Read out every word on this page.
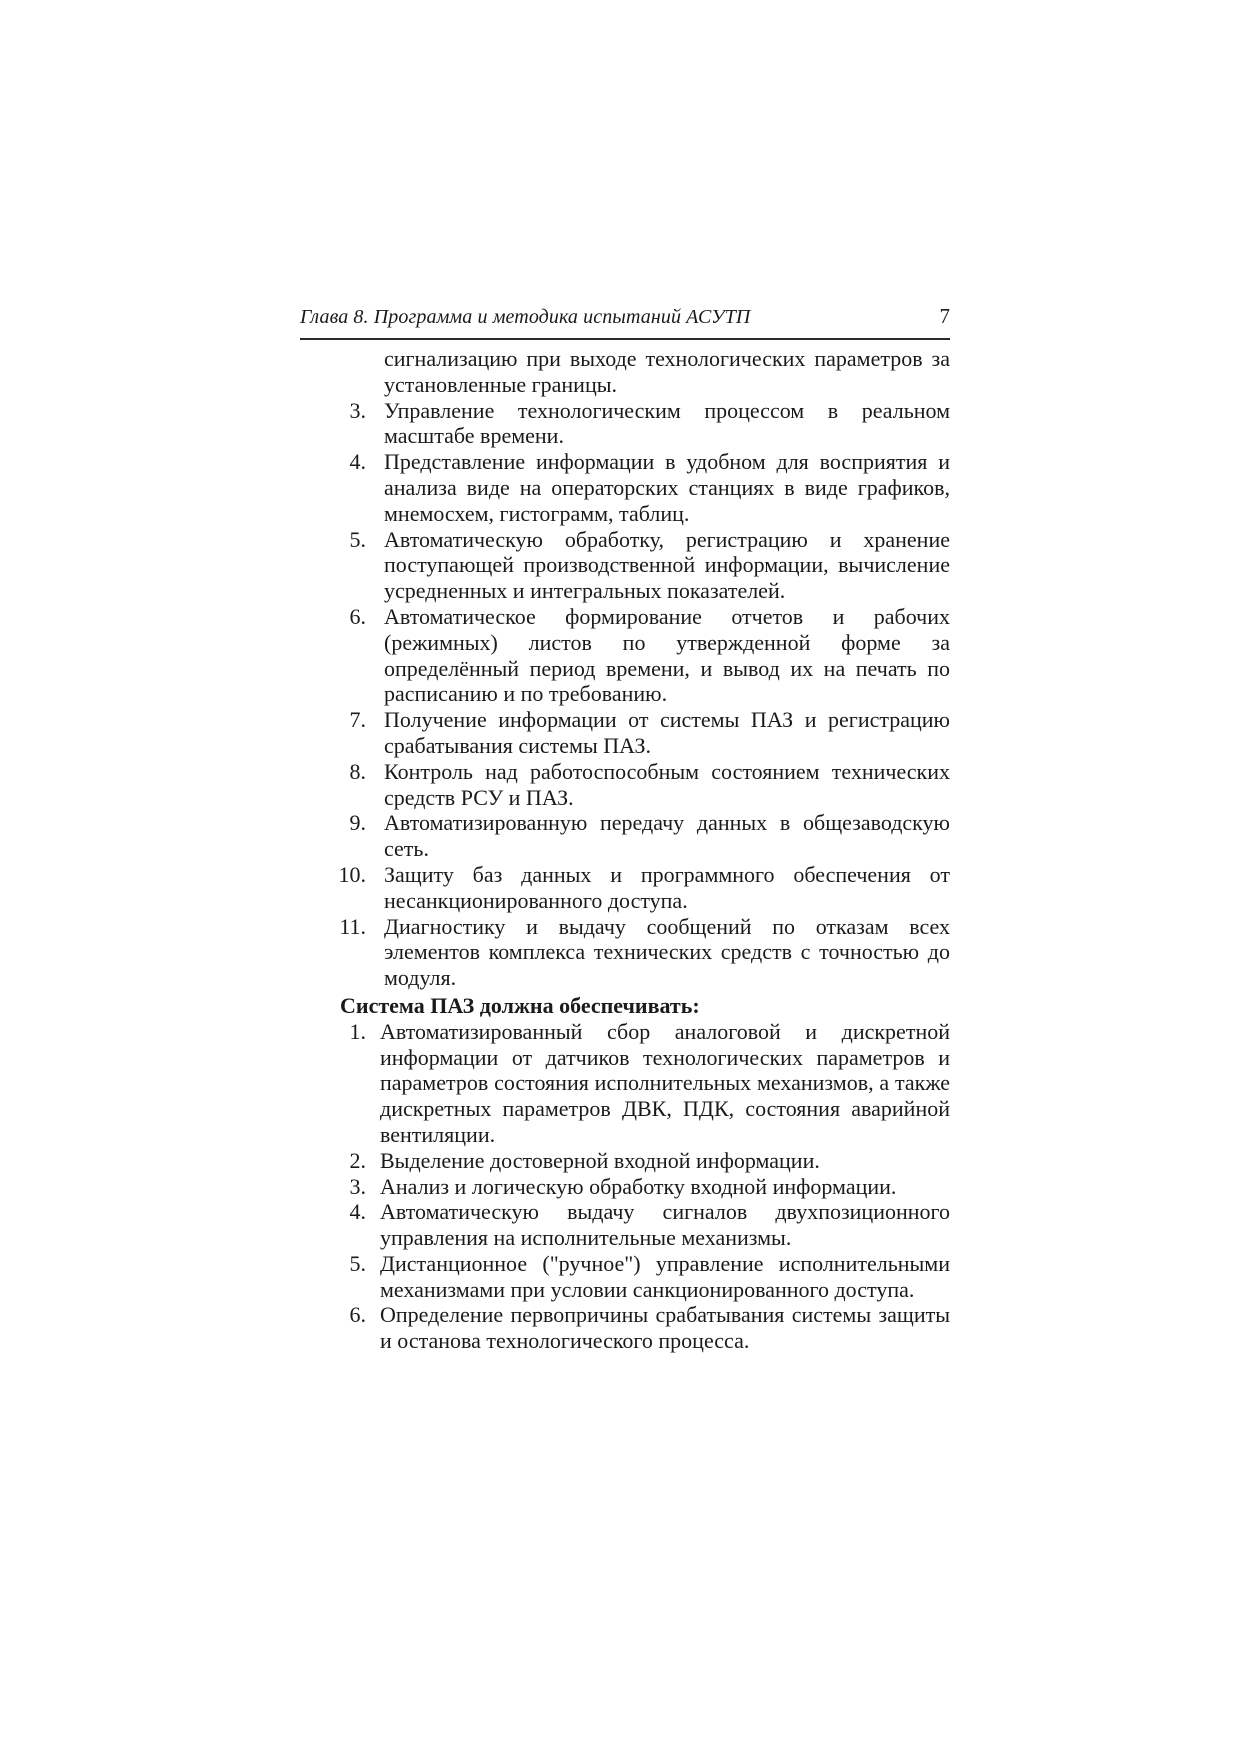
Глава 8. Программа и методика испытаний АСУТП	7
сигнализацию при выходе технологических параметров за установленные границы.
3. Управление технологическим процессом в реальном масштабе времени.
4. Представление информации в удобном для восприятия и анализа виде на операторских станциях в виде графиков, мнемосхем, гистограмм, таблиц.
5. Автоматическую обработку, регистрацию и хранение поступающей производственной информации, вычисление усредненных и интегральных показателей.
6. Автоматическое формирование отчетов и рабочих (режимных) листов по утвержденной форме за определённый период времени, и вывод их на печать по расписанию и по требованию.
7. Получение информации от системы ПАЗ и регистрацию срабатывания системы ПАЗ.
8. Контроль над работоспособным состоянием технических средств РСУ и ПАЗ.
9. Автоматизированную передачу данных в общезаводскую сеть.
10. Защиту баз данных и программного обеспечения от несанкционированного доступа.
11. Диагностику и выдачу сообщений по отказам всех элементов комплекса технических средств с точностью до модуля.
Система ПАЗ должна обеспечивать:
1. Автоматизированный сбор аналоговой и дискретной информации от датчиков технологических параметров и параметров состояния исполнительных механизмов, а также дискретных параметров ДВК, ПДК, состояния аварийной вентиляции.
2. Выделение достоверной входной информации.
3. Анализ и логическую обработку входной информации.
4. Автоматическую выдачу сигналов двухпозиционного управления на исполнительные механизмы.
5. Дистанционное ("ручное") управление исполнительными механизмами при условии санкционированного доступа.
6. Определение первопричины срабатывания системы защиты и останова технологического процесса.
